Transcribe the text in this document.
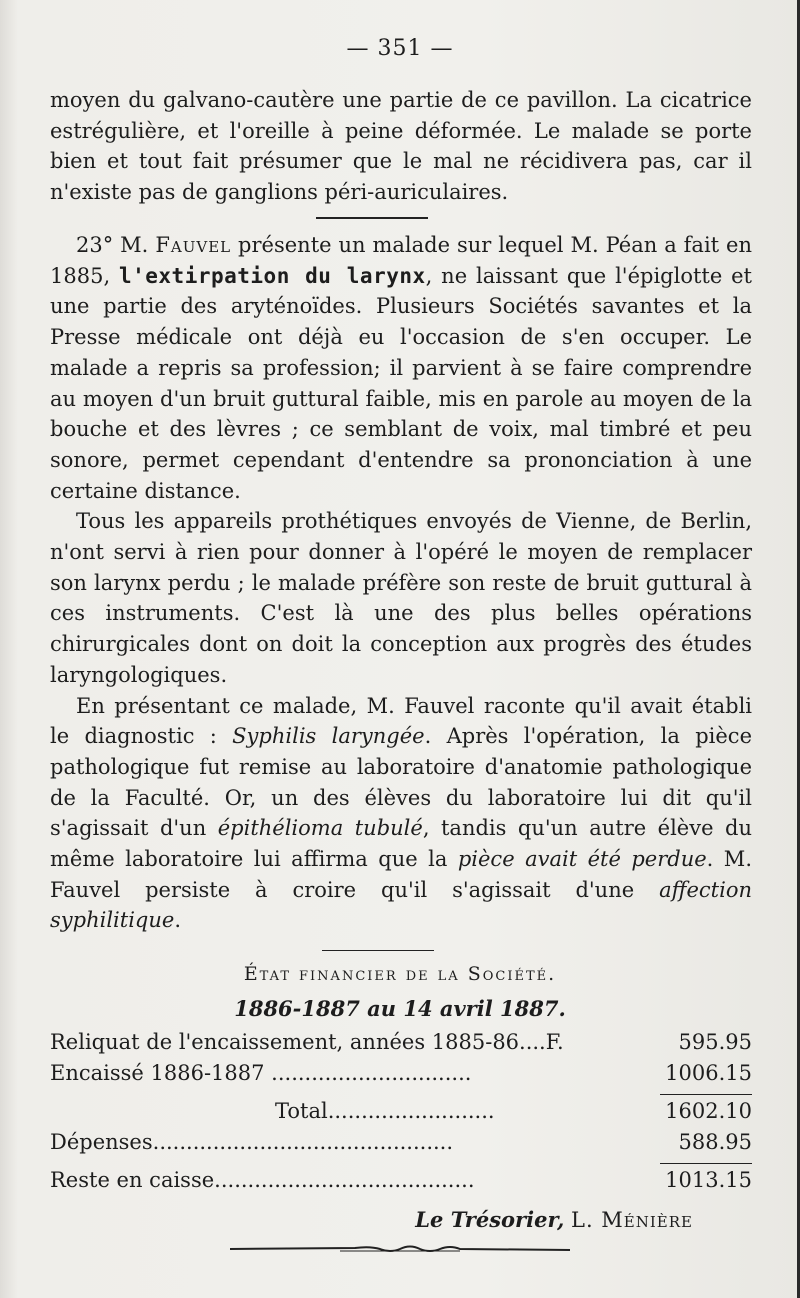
— 351 —

moyen du galvano-cautère une partie de ce pavillon. La cicatrice estrégulière, et l'oreille à peine déformée. Le malade se porte bien et tout fait présumer que le mal ne récidivera pas, car il n'existe pas de ganglions péri-auriculaires.

23° M. Fauvel présente un malade sur lequel M. Péan a fait en 1885, l'extirpation du larynx, ne laissant que l'épiglotte et une partie des aryténoïdes. Plusieurs Sociétés savantes et la Presse médicale ont déjà eu l'occasion de s'en occuper. Le malade a repris sa profession; il parvient à se faire comprendre au moyen d'un bruit guttural faible, mis en parole au moyen de la bouche et des lèvres ; ce semblant de voix, mal timbré et peu sonore, permet cependant d'entendre sa prononciation à une certaine distance.

Tous les appareils prothétiques envoyés de Vienne, de Berlin, n'ont servi à rien pour donner à l'opéré le moyen de remplacer son larynx perdu ; le malade préfère son reste de bruit guttural à ces instruments. C'est là une des plus belles opérations chirurgicales dont on doit la conception aux progrès des études laryngologiques.

En présentant ce malade, M. Fauvel raconte qu'il avait établi le diagnostic : Syphilis laryngée. Après l'opération, la pièce pathologique fut remise au laboratoire d'anatomie pathologique de la Faculté. Or, un des élèves du laboratoire lui dit qu'il s'agissait d'un épithélioma tubulé, tandis qu'un autre élève du même laboratoire lui affirma que la pièce avait été perdue. M. Fauvel persiste à croire qu'il s'agissait d'une affection syphilitique.

État financier de la Société.
1886-1887 au 14 avril 1887.
Reliquat de l'encaissement, années 1885-86....F.	595.95
Encaissé 1886-1887 ..............................	1006.15
Total.........................	1602.10
Dépenses.............................................	588.95
Reste en caisse.......................................	1013.15
Le Trésorier, L. Ménière
